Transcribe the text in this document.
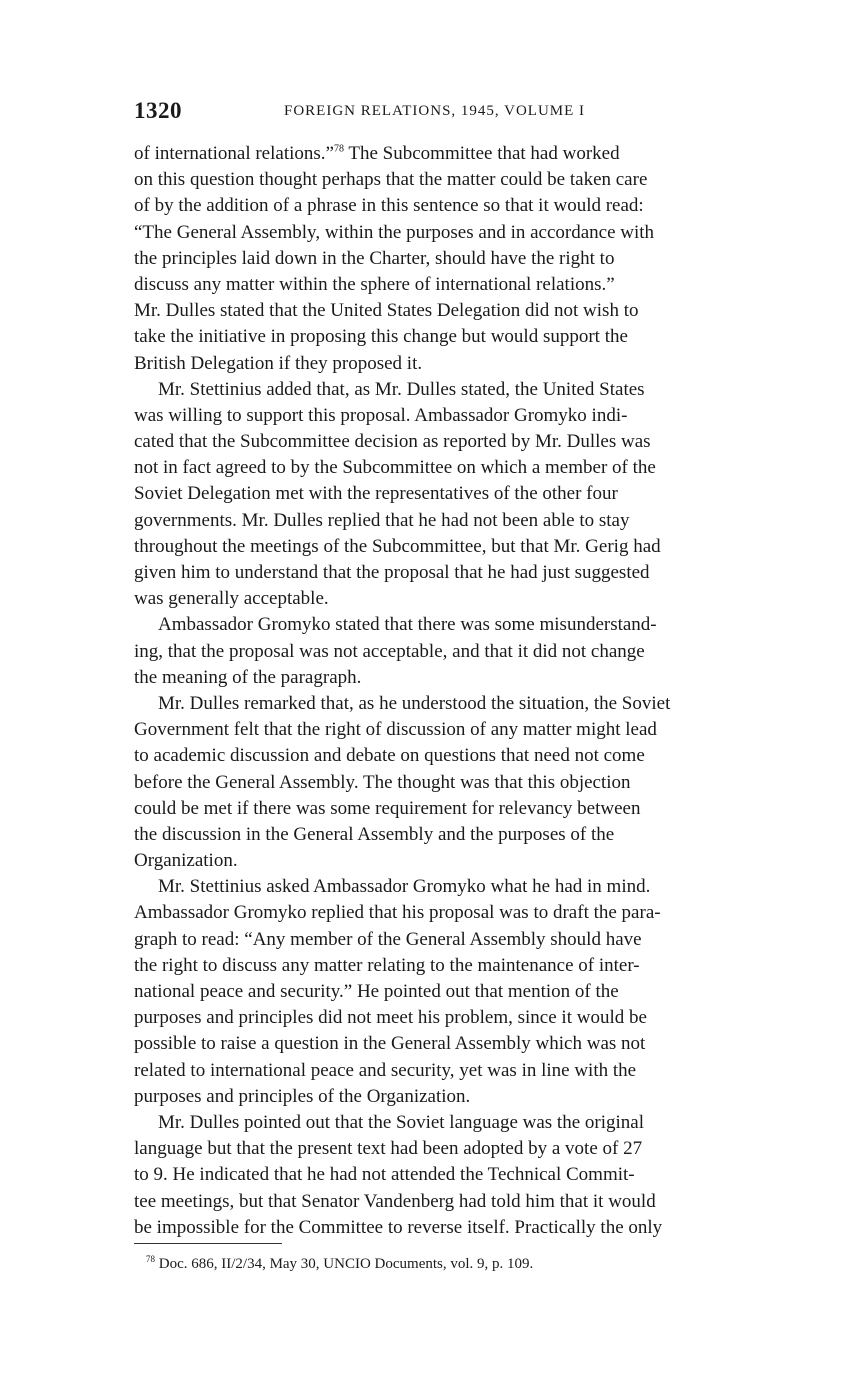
1320	FOREIGN RELATIONS, 1945, VOLUME I
of international relations.”$^{78}$ The Subcommittee that had worked
on this question thought perhaps that the matter could be taken care
of by the addition of a phrase in this sentence so that it would read:
“The General Assembly, within the purposes and in accordance with
the principles laid down in the Charter, should have the right to
discuss any matter within the sphere of international relations.”
Mr. Dulles stated that the United States Delegation did not wish to
take the initiative in proposing this change but would support the
British Delegation if they proposed it.
Mr. Stettinius added that, as Mr. Dulles stated, the United States
was willing to support this proposal. Ambassador Gromyko indi-
cated that the Subcommittee decision as reported by Mr. Dulles was
not in fact agreed to by the Subcommittee on which a member of the
Soviet Delegation met with the representatives of the other four
governments. Mr. Dulles replied that he had not been able to stay
throughout the meetings of the Subcommittee, but that Mr. Gerig had
given him to understand that the proposal that he had just suggested
was generally acceptable.
Ambassador Gromyko stated that there was some misunderstand-
ing, that the proposal was not acceptable, and that it did not change
the meaning of the paragraph.
Mr. Dulles remarked that, as he understood the situation, the Soviet
Government felt that the right of discussion of any matter might lead
to academic discussion and debate on questions that need not come
before the General Assembly. The thought was that this objection
could be met if there was some requirement for relevancy between
the discussion in the General Assembly and the purposes of the
Organization.
Mr. Stettinius asked Ambassador Gromyko what he had in mind.
Ambassador Gromyko replied that his proposal was to draft the para-
graph to read: “Any member of the General Assembly should have
the right to discuss any matter relating to the maintenance of inter-
national peace and security.” He pointed out that mention of the
purposes and principles did not meet his problem, since it would be
possible to raise a question in the General Assembly which was not
related to international peace and security, yet was in line with the
purposes and principles of the Organization.
Mr. Dulles pointed out that the Soviet language was the original
language but that the present text had been adopted by a vote of 27
to 9. He indicated that he had not attended the Technical Commit-
tee meetings, but that Senator Vandenberg had told him that it would
be impossible for the Committee to reverse itself. Practically the only
$^{78}$ Doc. 686, II/2/34, May 30, UNCIO Documents, vol. 9, p. 109.
